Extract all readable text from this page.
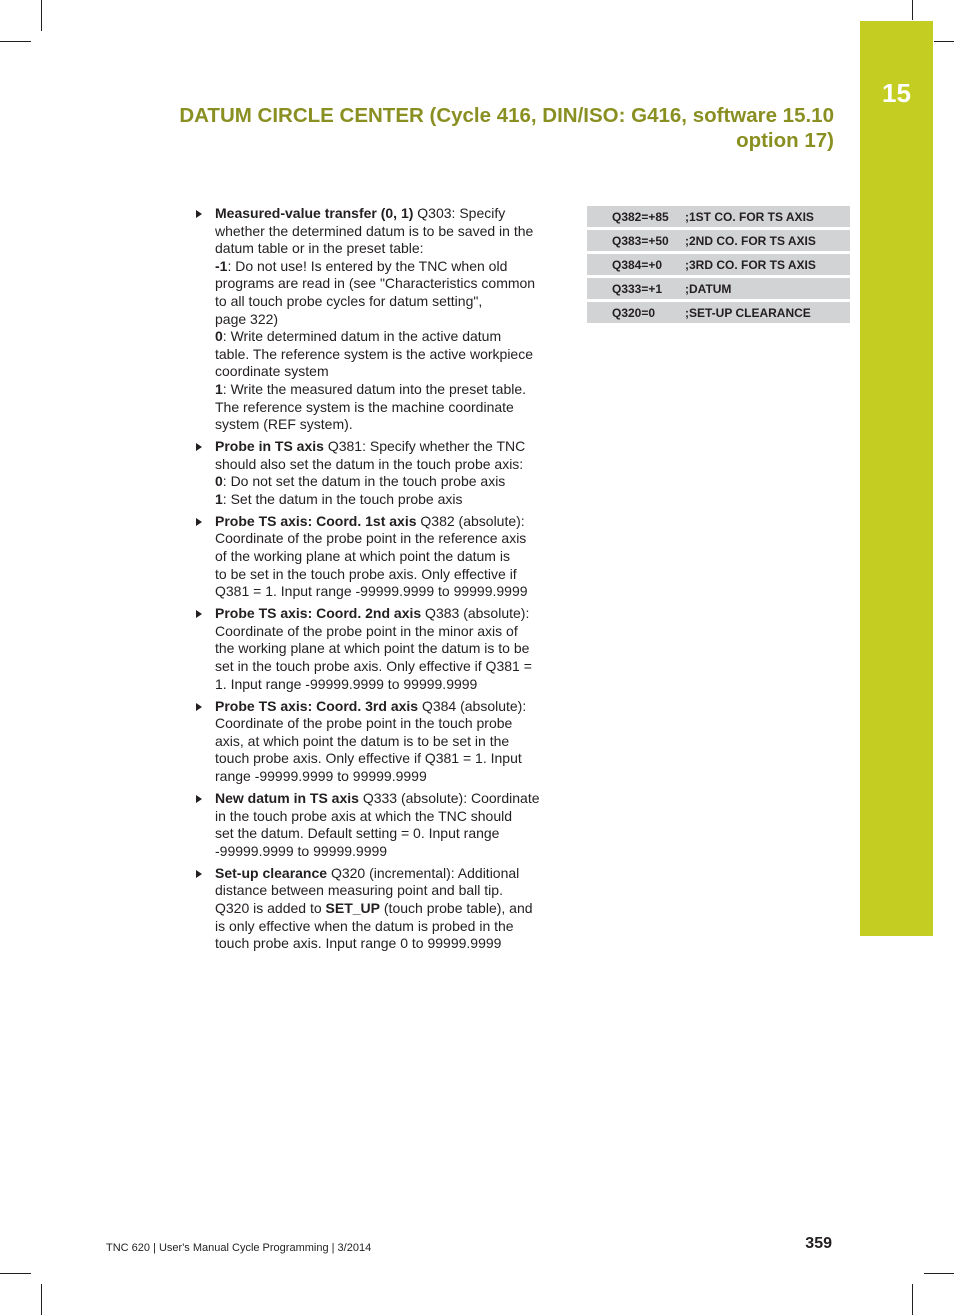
15
DATUM CIRCLE CENTER (Cycle 416, DIN/ISO: G416, software 15.10
option 17)

Measured-value transfer (0, 1) Q303: Specify

whether the determined datum is to be saved in the

datum table or in the preset table:

-1: Do not use! Is entered by the TNC when old

programs are read in (see "Characteristics common

to all touch probe cycles for datum setting",

page 322)

0: Write determined datum in the active datum

table. The reference system is the active workpiece

coordinate system

1: Write the measured datum into the preset table.

The reference system is the machine coordinate

system (REF system).

Probe in TS axis Q381: Specify whether the TNC

should also set the datum in the touch probe axis:

0: Do not set the datum in the touch probe axis

1: Set the datum in the touch probe axis

Probe TS axis: Coord. 1st axis Q382 (absolute):

Coordinate of the probe point in the reference axis

of the working plane at which point the datum is

to be set in the touch probe axis. Only effective if

Q381 = 1. Input range -99999.9999 to 99999.9999

Probe TS axis: Coord. 2nd axis Q383 (absolute):

Coordinate of the probe point in the minor axis of

the working plane at which point the datum is to be

set in the touch probe axis. Only effective if Q381 =

1. Input range -99999.9999 to 99999.9999

Probe TS axis: Coord. 3rd axis Q384 (absolute):

Coordinate of the probe point in the touch probe

axis, at which point the datum is to be set in the

touch probe axis. Only effective if Q381 = 1. Input

range -99999.9999 to 99999.9999

New datum in TS axis Q333 (absolute): Coordinate

in the touch probe axis at which the TNC should

set the datum. Default setting = 0. Input range

-99999.9999 to 99999.9999

Set-up clearance Q320 (incremental): Additional

distance between measuring point and ball tip.

Q320 is added to SET_UP (touch probe table), and

is only effective when the datum is probed in the

touch probe axis. Input range 0 to 99999.9999

Q382=+85	;1ST CO. FOR TS AXIS
Q383=+50	;2ND CO. FOR TS AXIS
Q384=+0	;3RD CO. FOR TS AXIS
Q333=+1	;DATUM
Q320=0	;SET-UP CLEARANCE
TNC 620 | User's Manual Cycle Programming | 3/2014	359
